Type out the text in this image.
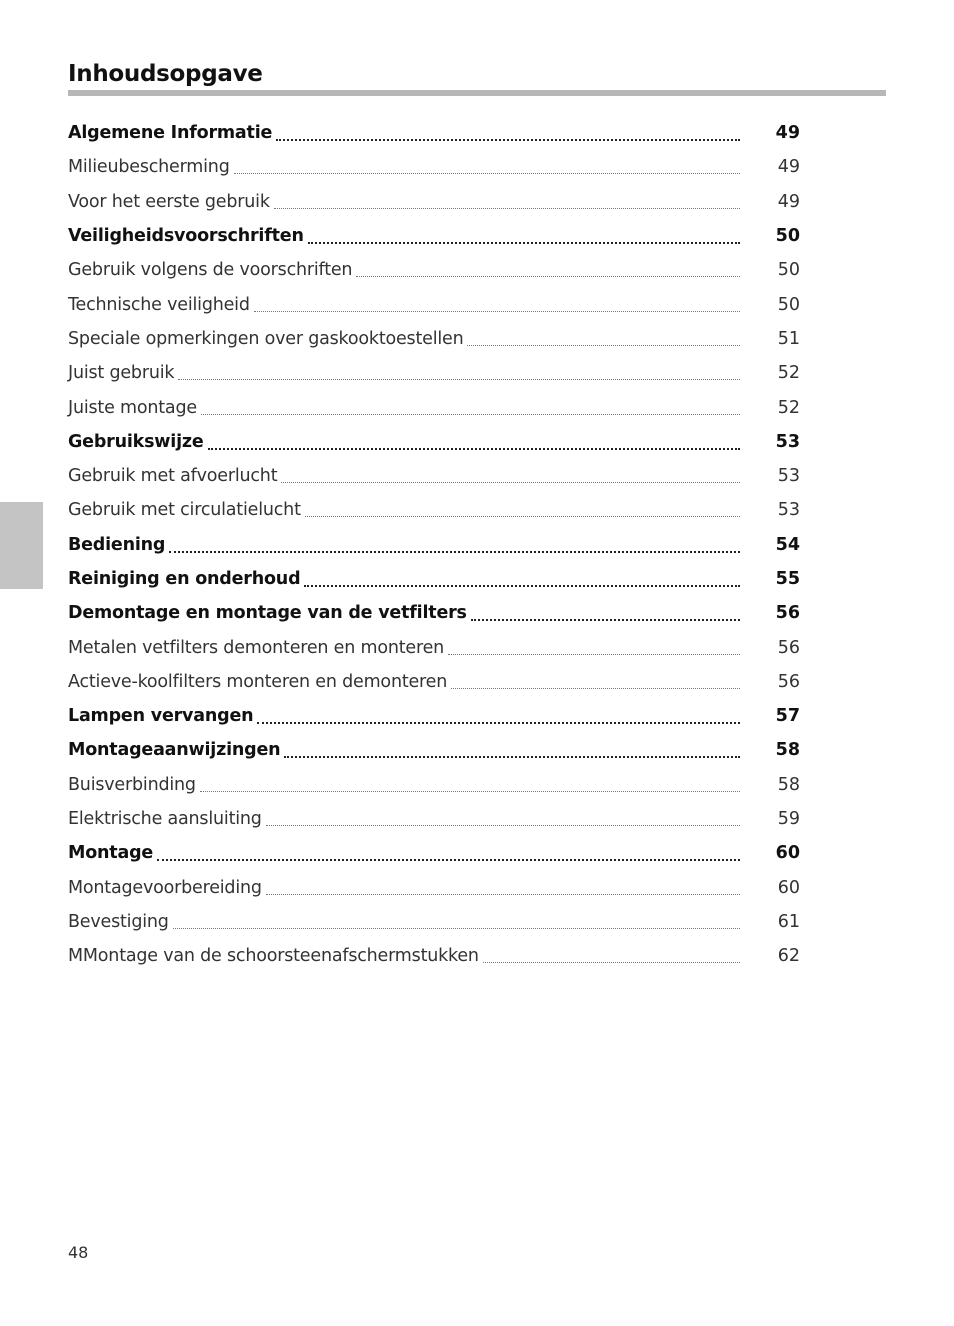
Inhoudsopgave
Algemene Informatie	49
Milieubescherming	49
Voor het eerste gebruik	49
Veiligheidsvoorschriften	50
Gebruik volgens de voorschriften	50
Technische veiligheid	50
Speciale opmerkingen over gaskooktoestellen	51
Juist gebruik	52
Juiste montage	52
Gebruikswijze	53
Gebruik met afvoerlucht	53
Gebruik met circulatielucht	53
Bediening	54
Reiniging en onderhoud	55
Demontage en montage van de vetfilters	56
Metalen vetfilters demonteren en monteren	56
Actieve-koolfilters monteren en demonteren	56
Lampen vervangen	57
Montageaanwijzingen	58
Buisverbinding	58
Elektrische aansluiting	59
Montage	60
Montagevoorbereiding	60
Bevestiging	61
MMontage van de schoorsteenafschermstukken	62
48
